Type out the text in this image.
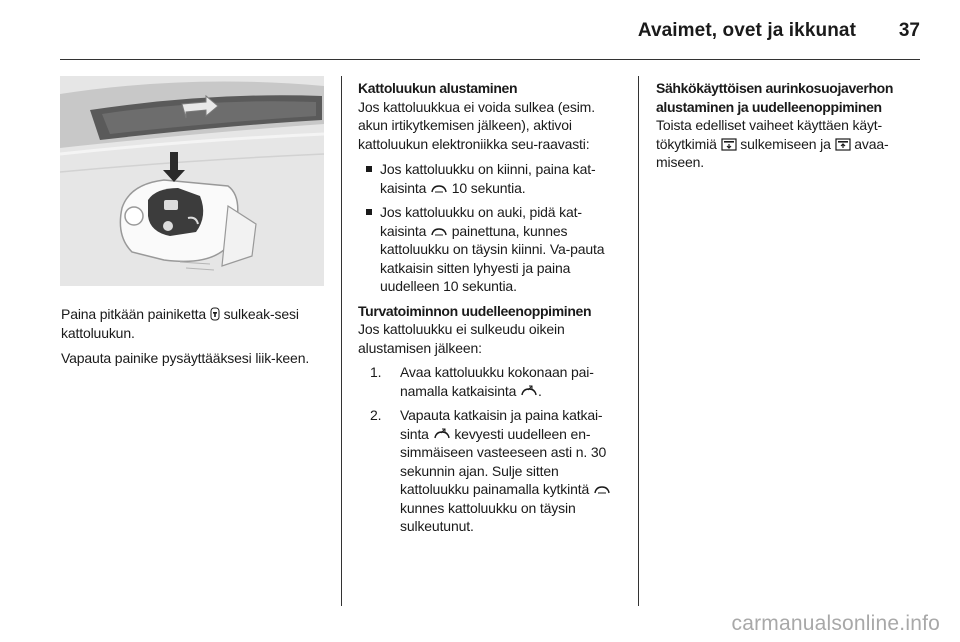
Avaimet, ovet ja ikkunat	37

Paina pitkään painiketta sulkeak-sesi kattoluukun.

Vapauta painike pysäyttääksesi liik-keen.

Kattoluukun alustaminen

Jos kattoluukkua ei voida sulkea (esim. akun irtikytkemisen jälkeen), aktivoi kattoluukun elektroniikka seu-raavasti:

Jos kattoluukku on kiinni, paina kat-kaisinta 10 sekuntia.
Jos kattoluukku on auki, pidä kat-kaisinta painettuna, kunnes kattoluukku on täysin kiinni. Va-pauta katkaisin sitten lyhyesti ja paina uudelleen 10 sekuntia.
Turvatoiminnon uudelleenoppiminen

Jos kattoluukku ei sulkeudu oikein alustamisen jälkeen:

1. Avaa kattoluukku kokonaan pai-namalla katkaisinta .
2. Vapauta katkaisin ja paina katkai-sinta kevyesti uudelleen en-simmäiseen vasteeseen asti n. 30 sekunnin ajan. Sulje sitten kattoluukku painamalla kytkintä  kunnes kattoluukku on täysin sulkeutunut.
Sähkökäyttöisen aurinkosuojaverhon alustaminen ja uudelleenoppiminen

Toista edelliset vaiheet käyttäen käyt-tökytkimiä sulkemiseen ja avaa-miseen.

carmanualsonline.info
